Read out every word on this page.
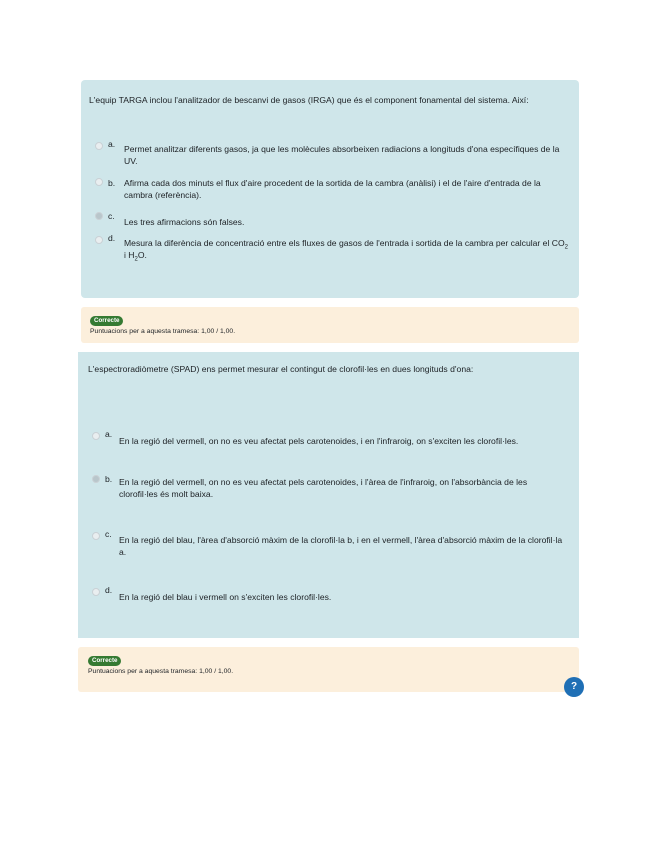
L'equip TARGA inclou l'analitzador de bescanvi de gasos (IRGA) que és el component fonamental del sistema. Així:
a. Permet analitzar diferents gasos, ja que les molècules absorbeixen radiacions a longituds d'ona específiques de la UV.
b. Afirma cada dos minuts el flux d'aire procedent de la sortida de la cambra (anàlisi) i el de l'aire d'entrada de la cambra (referència).
c.
Les tres afirmacions són falses.
d. Mesura la diferència de concentració entre els fluxes de gasos de l'entrada i sortida de la cambra per calcular el $CO_2$ i $H_2O$.
Correcte
Puntuacions per a aquesta tramesa: 1,00 / 1,00.
L'espectroradiòmetre (SPAD) ens permet mesurar el contingut de clorofil·les en dues longituds d'ona:
a.
En la regió del vermell, on no es veu afectat pels carotenoides, i en l'infraroig, on s'exciten les clorofil·les.
b. En la regió del vermell, on no es veu afectat pels carotenoides, i l'àrea de l'infraroig, on l'absorbància de les clorofil·les és molt baixa.
c.
En la regió del blau, l'àrea d'absorció màxim de la clorofil·la b, i en el vermell, l'àrea d'absorció màxim de la clorofil·la a.
d.
En la regió del blau i vermell on s'exciten les clorofil·les.
Correcte
Puntuacions per a aquesta tramesa: 1,00 / 1,00.
?
